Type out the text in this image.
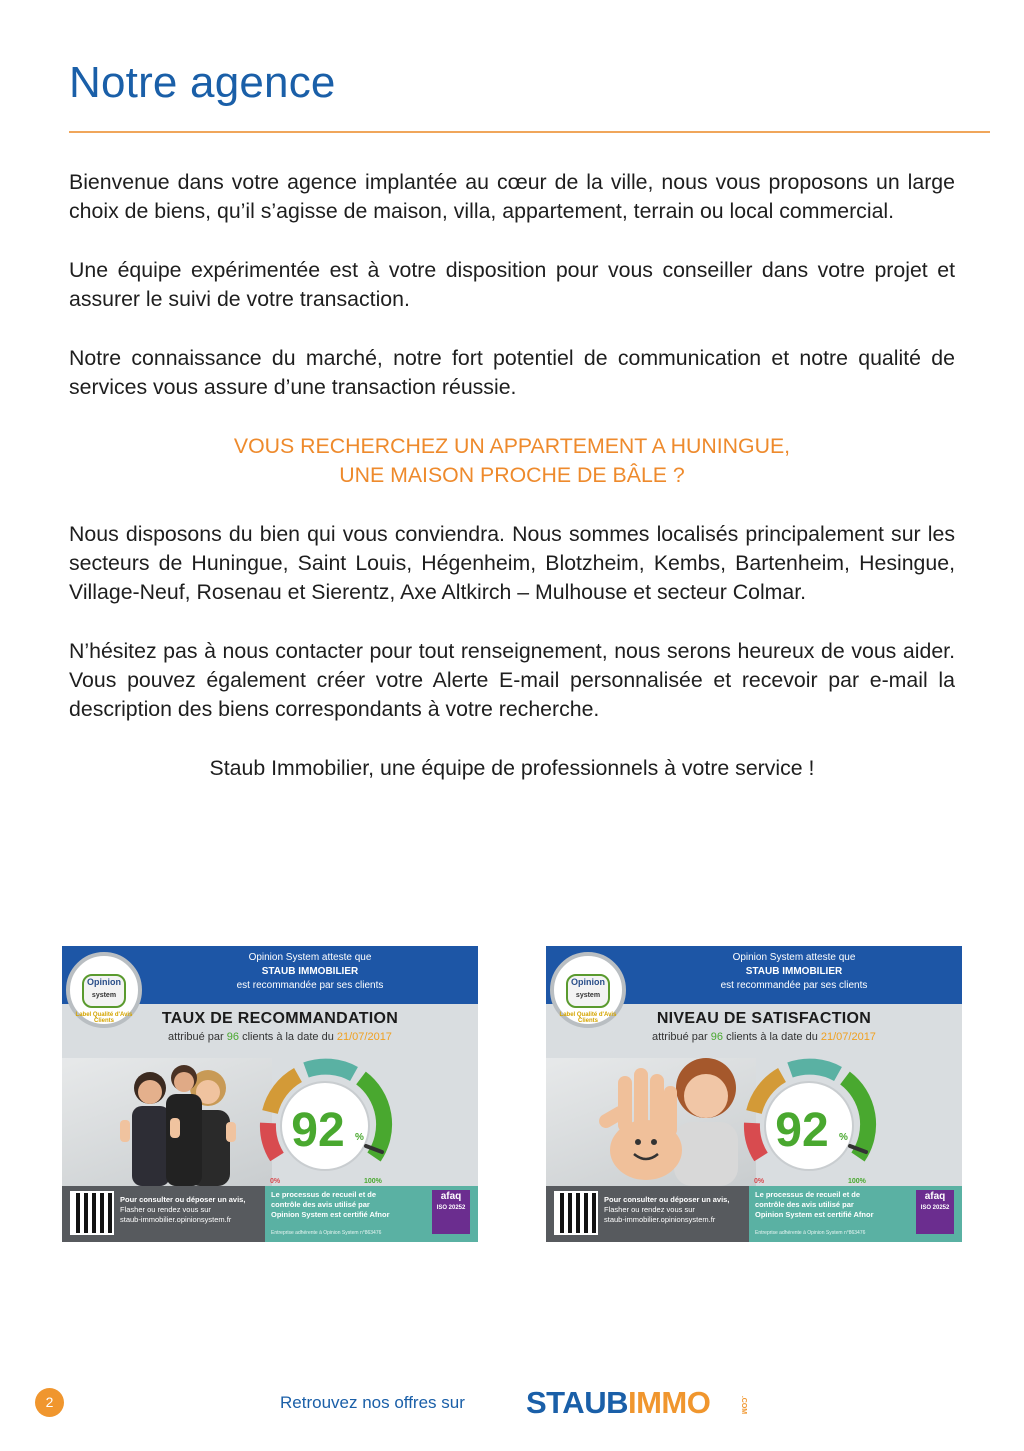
Notre agence

Bienvenue dans votre agence implantée au cœur de la ville, nous vous proposons un large choix de biens, qu’il s’agisse de maison, villa, appartement, terrain ou local commercial.

Une équipe expérimentée est à votre disposition pour vous conseiller dans votre projet et assurer le suivi de votre transaction.

Notre connaissance du marché, notre fort potentiel de communication et notre qualité de services vous assure d’une transaction réussie.

VOUS RECHERCHEZ UN APPARTEMENT A HUNINGUE,
UNE MAISON PROCHE DE BÂLE ?

Nous disposons du bien qui vous conviendra. Nous sommes localisés principalement sur les secteurs de Huningue, Saint Louis, Hégenheim, Blotzheim, Kembs, Bartenheim, Hesingue, Village-Neuf, Rosenau et Sierentz, Axe Altkirch – Mulhouse et secteur Colmar.

N’hésitez pas à nous contacter pour tout renseignement, nous serons heureux de vous aider. Vous pouvez également créer votre Alerte E-mail personnalisée et recevoir par e-mail la description des biens correspondants à votre recherche.

Staub Immobilier, une équipe de professionnels à votre service !

Opinion System atteste que
STAUB IMMOBILIER
est recommandée par ses clients
Opinion
system
Label Qualité d'Avis Clients	TAUX DE RECOMMANDATION
attribué par 96 clients à la date du 21/07/2017
92 %
0%	100%
Pour consulter ou déposer un avis,
Flasher ou rendez vous sur
staub-immobilier.opinionsystem.fr
Le processus de recueil et de
contrôle des avis utilisé par
Opinion System est certifié Afnor
Entreprise adhérente à Opinion System n°863476
afaq
ISO 20252
Opinion System atteste que
STAUB IMMOBILIER
est recommandée par ses clients
Opinion
system
Label Qualité d'Avis Clients	NIVEAU DE SATISFACTION
attribué par 96 clients à la date du 21/07/2017
92 %
0%	100%
Pour consulter ou déposer un avis,
Flasher ou rendez vous sur
staub-immobilier.opinionsystem.fr
Le processus de recueil et de
contrôle des avis utilisé par
Opinion System est certifié Afnor
Entreprise adhérente à Opinion System n°863476
afaq
ISO 20252
2	Retrouvez nos offres sur STAUBIMMO	.COM
